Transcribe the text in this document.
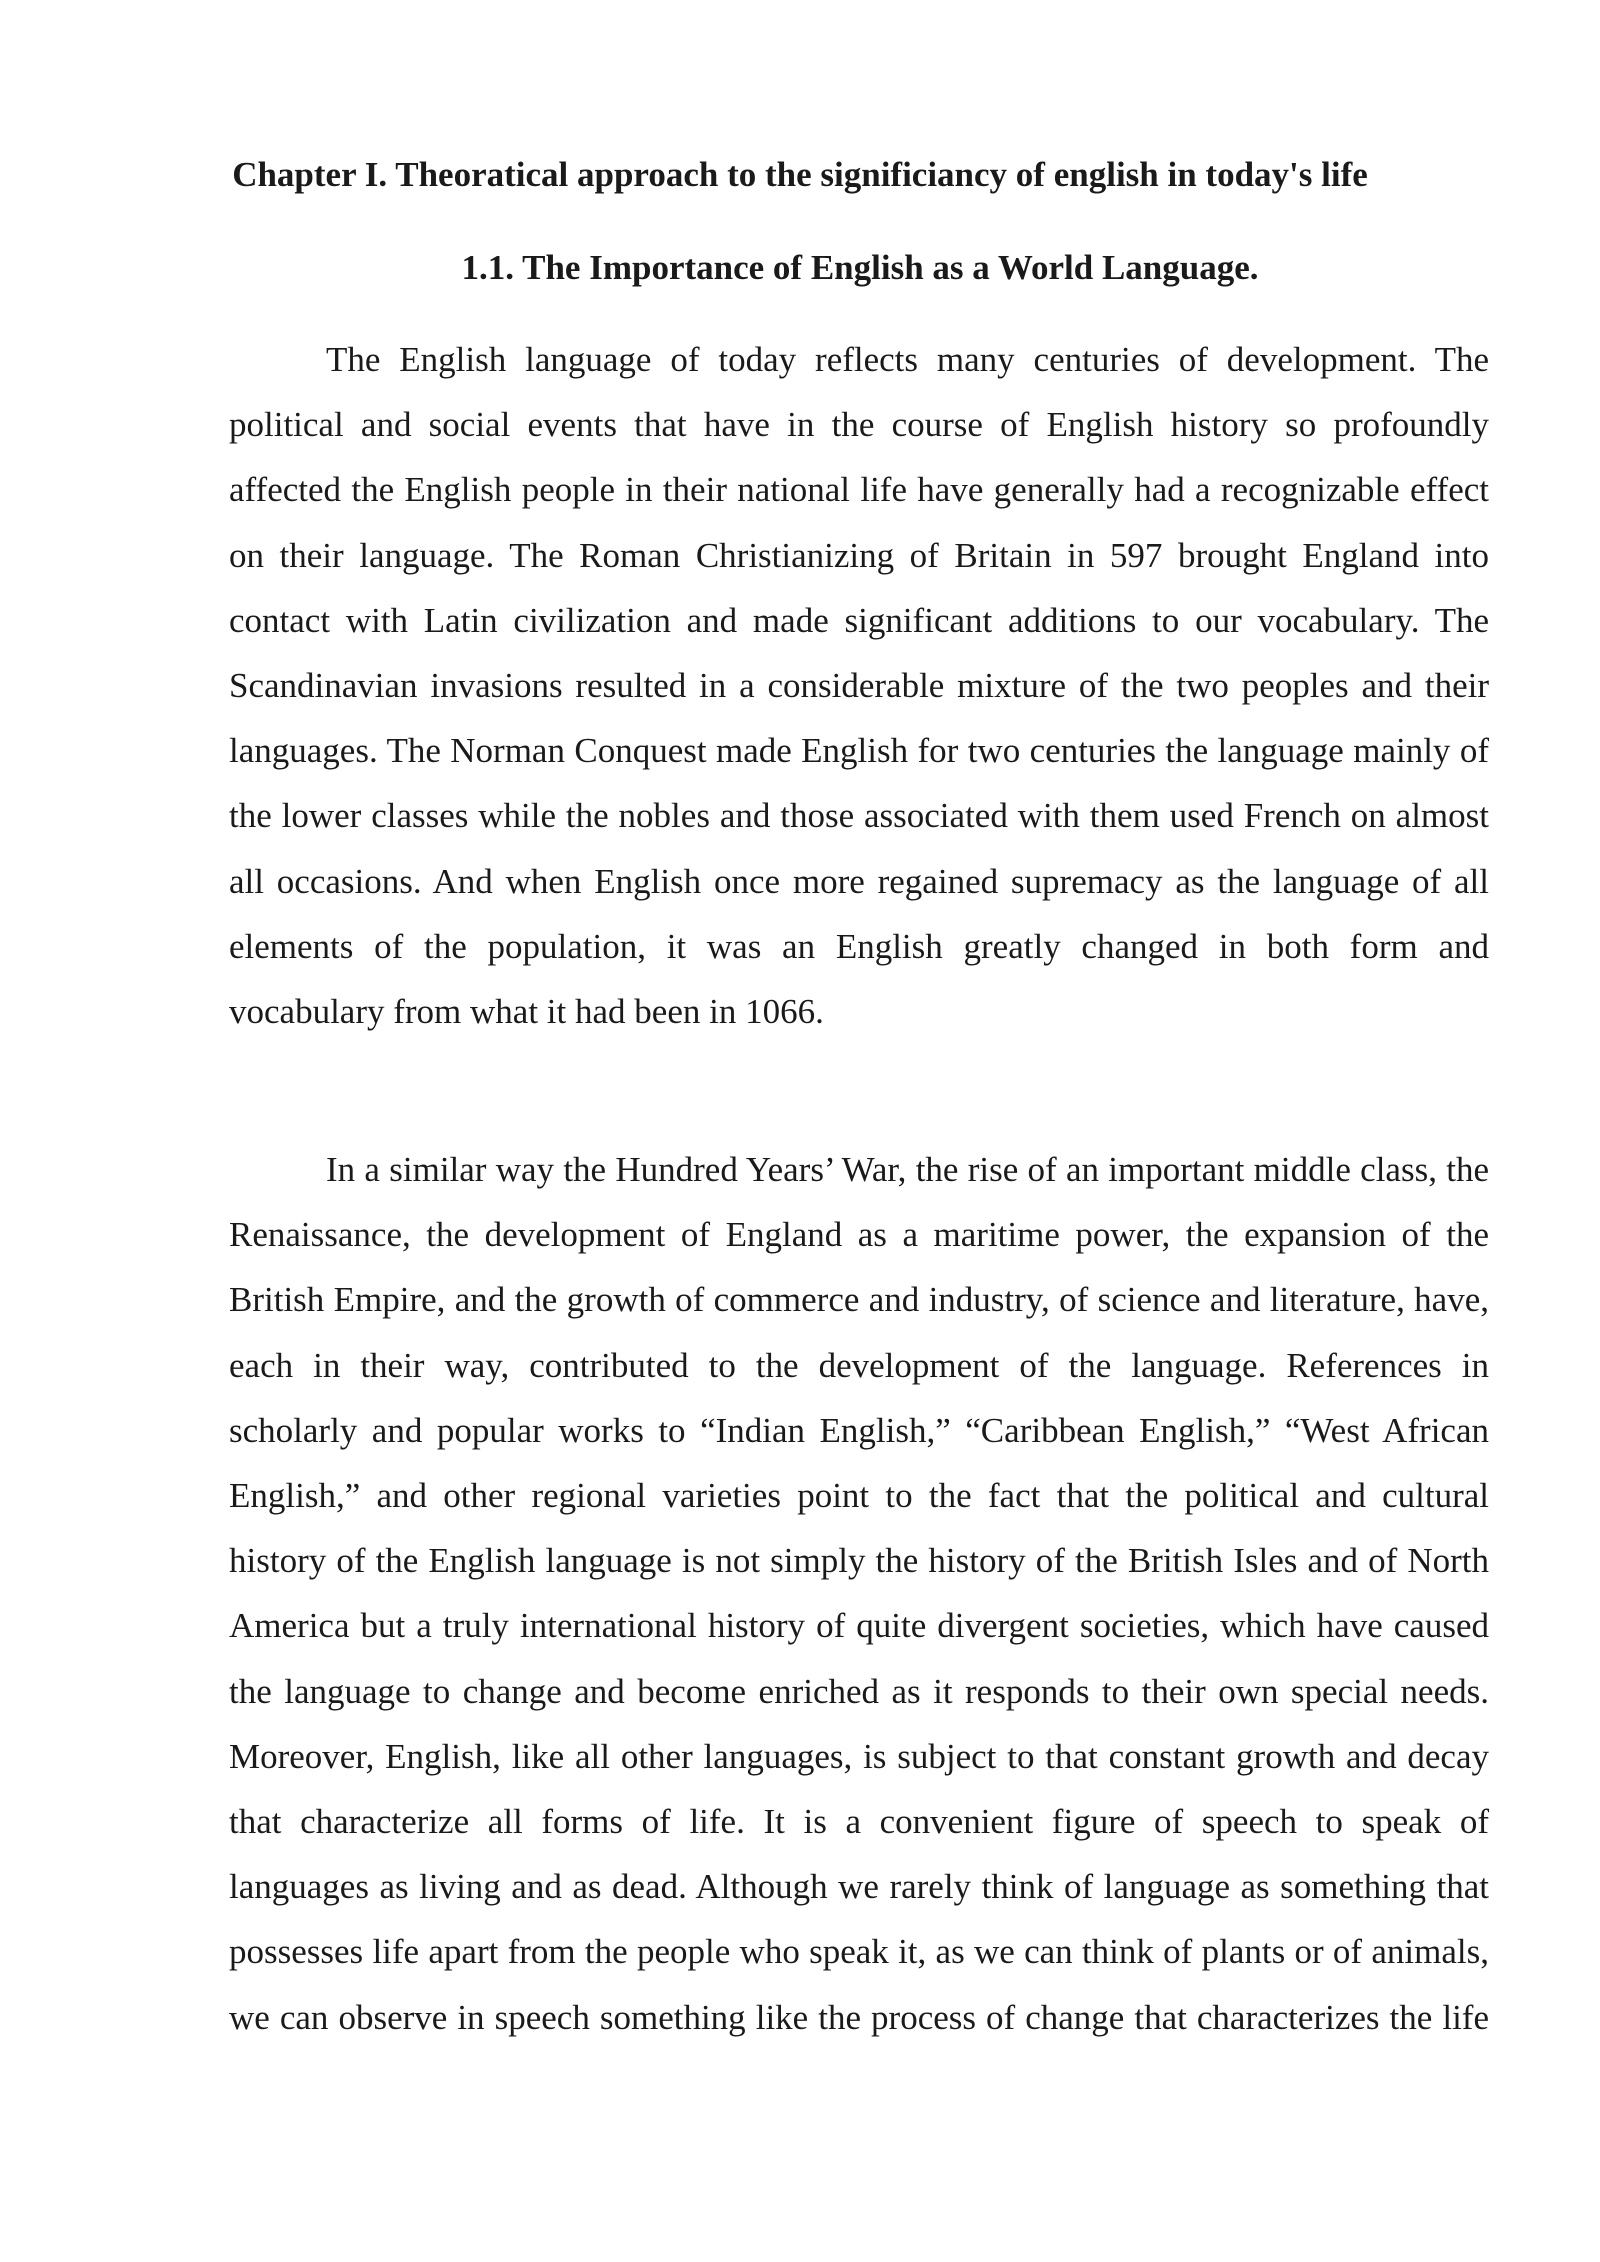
Chapter I. Theoratical approach to the significiancy of english in today's life
1.1. The Importance of English as a World Language.

The English language of today reflects many centuries of development. The political and social events that have in the course of English history so profoundly affected the English people in their national life have generally had a recognizable effect on their language. The Roman Christianizing of Britain in 597 brought England into contact with Latin civilization and made significant additions to our vocabulary. The Scandinavian invasions resulted in a considerable mixture of the two peoples and their languages. The Norman Conquest made English for two centuries the language mainly of the lower classes while the nobles and those associated with them used French on almost all occasions. And when English once more regained supremacy as the language of all elements of the population, it was an English greatly changed in both form and vocabulary from what it had been in 1066.

In a similar way the Hundred Years’ War, the rise of an important middle class, the Renaissance, the development of England as a maritime power, the expansion of the British Empire, and the growth of commerce and industry, of science and literature, have, each in their way, contributed to the development of the language. References in scholarly and popular works to “Indian English,” “Caribbean English,” “West African English,” and other regional varieties point to the fact that the political and cultural history of the English language is not simply the history of the British Isles and of North America but a truly international history of quite divergent societies, which have caused the language to change and become enriched as it responds to their own special needs. Moreover, English, like all other languages, is subject to that constant growth and decay that characterize all forms of life. It is a convenient figure of speech to speak of languages as living and as dead. Although we rarely think of language as something that possesses life apart from the people who speak it, as we can think of plants or of animals, we can observe in speech something like the process of change that characterizes the life
